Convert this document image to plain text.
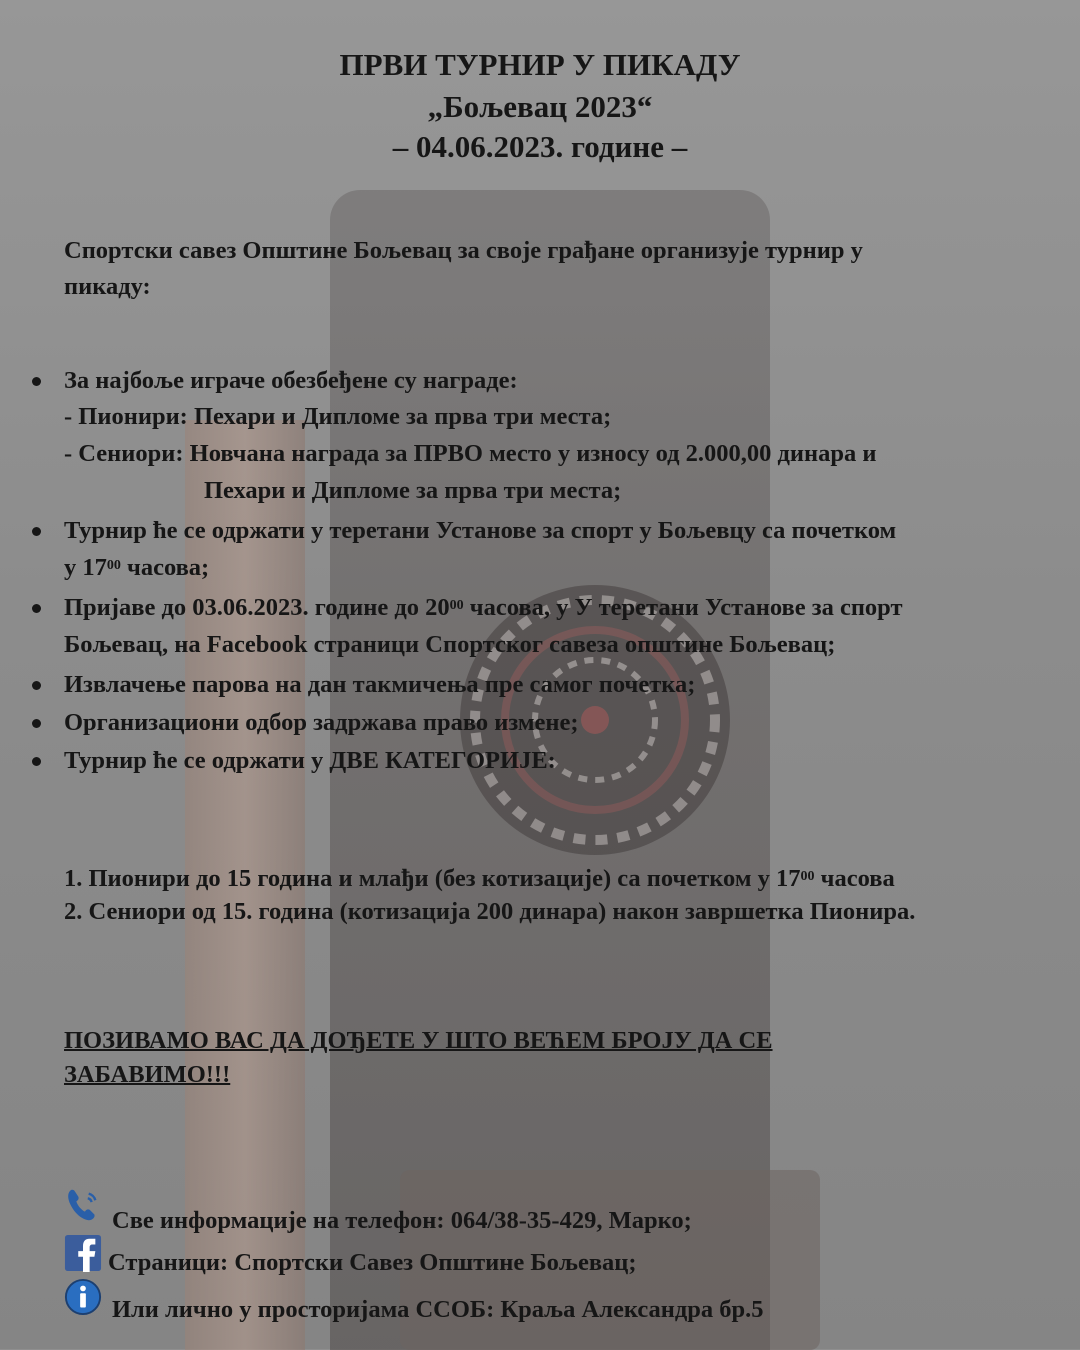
ПРВИ ТУРНИР У ПИКАДУ
„Бољевац 2023“
– 04.06.2023. године –
Спортски савез Општине Бољевац за своје грађане организује турнир у
пикаду:
За најбоље играче обезбеђене су награде:
- Пионири: Пехари и Дипломе за прва три места;
- Сениори: Новчана награда за ПРВО место у износу од 2.000,00 динара и
Пехари и Дипломе за прва три места;
Турнир ће се одржати у теретани Установе за спорт у Бољевцу са почетком
у $17^{00}$ часова;
Пријаве до 03.06.2023. године до $20^{00}$ часова, у У теретани Установе за спорт
Бољевац, на Facebook страници Спортског савеза општине Бољевац;
Извлачење парова на дан такмичења пре самог почетка;
Организациони одбор задржава право измене;
Турнир ће се одржати у ДВЕ КАТЕГОРИЈЕ:
1. Пионири до 15 година и млађи (без котизације) са почетком у $17^{00}$ часова
2. Сениори од 15. година (котизација 200 динара) након завршетка Пионира.
ПОЗИВАМО ВАС ДА ДОЂЕТЕ У ШТО ВЕЋЕМ БРОЈУ ДА СЕ
ЗАБАВИМО!!!
Све информације на телефон: 064/38-35-429, Марко;
Страници: Спортски Савез Општине Бољевац;
Или лично у просторијама ССОБ: Краља Александра бр.5
